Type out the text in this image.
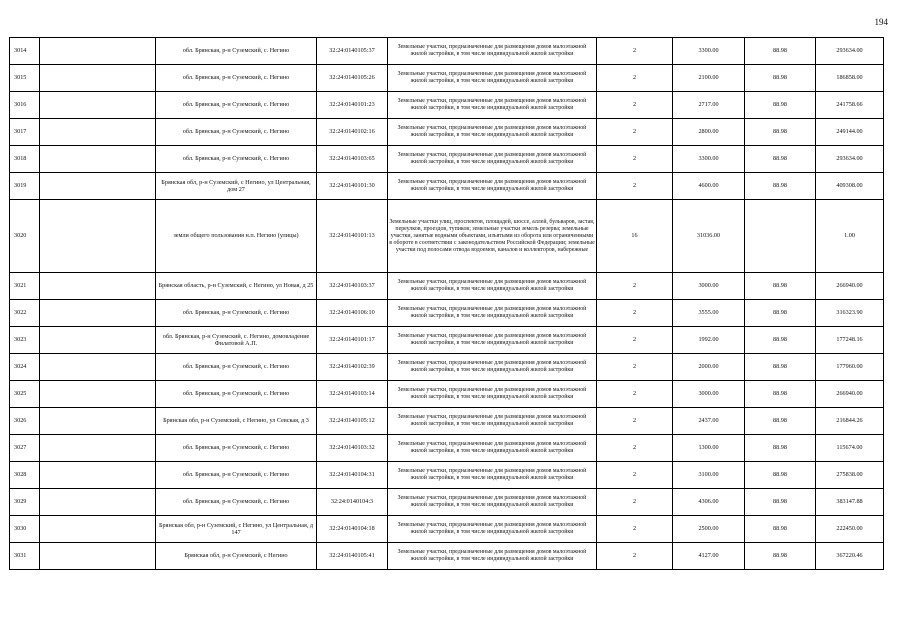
194
3014		обл. Брянская, р-н Суземский, с. Негино	32:24:0140105:37	Земельные участки, предназначенные для размещения домов малоэтажной жилой застройки, в том числе индивидуальной жилой застройки	2	3300.00	88.98	293634.00
3015		обл. Брянская, р-н Суземский, с. Негино	32:24:0140105:26	Земельные участки, предназначенные для размещения домов малоэтажной жилой застройки, в том числе индивидуальной жилой застройки	2	2100.00	88.98	186858.00
3016		обл. Брянская, р-н Суземский, с. Негино	32:24:0140101:23	Земельные участки, предназначенные для размещения домов малоэтажной жилой застройки, в том числе индивидуальной жилой застройки	2	2717.00	88.98	241758.66
3017		обл. Брянская, р-н Суземский, с. Негино	32:24:0140102:16	Земельные участки, предназначенные для размещения домов малоэтажной жилой застройки, в том числе индивидуальной жилой застройки	2	2800.00	88.98	249144.00
3018		обл. Брянская, р-н Суземский, с. Негино	32:24:0140103:65	Земельные участки, предназначенные для размещения домов малоэтажной жилой застройки, в том числе индивидуальной жилой застройки	2	3300.00	88.98	293634.00
3019		Брянская обл, р-н Суземский, с Негино, ул Центральная, дом 27	32:24:0140101:30	Земельные участки, предназначенные для размещения домов малоэтажной жилой застройки, в том числе индивидуальной жилой застройки	2	4600.00	88.98	409308.00
3020		земли общего пользования н.п. Негино (улицы)	32:24:0140101:13	Земельные участки улиц, проспектов, площадей, шоссе, аллей, бульваров, застав, переулков, проездов, тупиков; земельные участки земель резерва; земельные участки, занятые водными объектами, изъятыми из оборота или ограниченными в обороте в соответствии с законодательством Российской Федерации; земельные участки под полосами отвода водоемов, каналов и коллекторов, набережные	16	31036.00		1.00
3021		Брянская область, р-н Суземский, с Негино, ул Новая, д 25	32:24:0140103:37	Земельные участки, предназначенные для размещения домов малоэтажной жилой застройки, в том числе индивидуальной жилой застройки	2	3000.00	88.98	266940.00
3022		обл. Брянская, р-н Суземский, с. Негино	32:24:0140106:10	Земельные участки, предназначенные для размещения домов малоэтажной жилой застройки, в том числе индивидуальной жилой застройки	2	3555.00	88.98	316323.90
3023		обл. Брянская, р-н Суземский, с. Негино, домовладение Филатовой А.П.	32:24:0140101:17	Земельные участки, предназначенные для размещения домов малоэтажной жилой застройки, в том числе индивидуальной жилой застройки	2	1992.00	88.98	177248.16
3024		обл. Брянская, р-н Суземский, с. Негино	32:24:0140102:39	Земельные участки, предназначенные для размещения домов малоэтажной жилой застройки, в том числе индивидуальной жилой застройки	2	2000.00	88.98	177960.00
3025		обл. Брянская, р-н Суземский, с. Негино	32:24:0140103:14	Земельные участки, предназначенные для размещения домов малоэтажной жилой застройки, в том числе индивидуальной жилой застройки	2	3000.00	88.98	266940.00
3026		Брянская обл, р-н Суземский, с Негино, ул Севская, д 3	32:24:0140105:12	Земельные участки, предназначенные для размещения домов малоэтажной жилой застройки, в том числе индивидуальной жилой застройки	2	2437.00	88.98	216844.26
3027		обл. Брянская, р-н Суземский, с. Негино	32:24:0140103:32	Земельные участки, предназначенные для размещения домов малоэтажной жилой застройки, в том числе индивидуальной жилой застройки	2	1300.00	88.98	115674.00
3028		обл. Брянская, р-н Суземский, с. Негино	32:24:0140104:31	Земельные участки, предназначенные для размещения домов малоэтажной жилой застройки, в том числе индивидуальной жилой застройки	2	3100.00	88.98	275838.00
3029		обл. Брянская, р-н Суземский, с. Негино	32:24:0140104:3	Земельные участки, предназначенные для размещения домов малоэтажной жилой застройки, в том числе индивидуальной жилой застройки	2	4306.00	88.98	383147.88
3030		Брянская обл, р-н Суземский, с Негино, ул Центральная, д 147	32:24:0140104:18	Земельные участки, предназначенные для размещения домов малоэтажной жилой застройки, в том числе индивидуальной жилой застройки	2	2500.00	88.98	222450.00
3031		Брянская обл, р-н Суземский, с Негино	32:24:0140105:41	Земельные участки, предназначенные для размещения домов малоэтажной жилой застройки, в том числе индивидуальной жилой застройки	2	4127.00	88.98	367220.46
